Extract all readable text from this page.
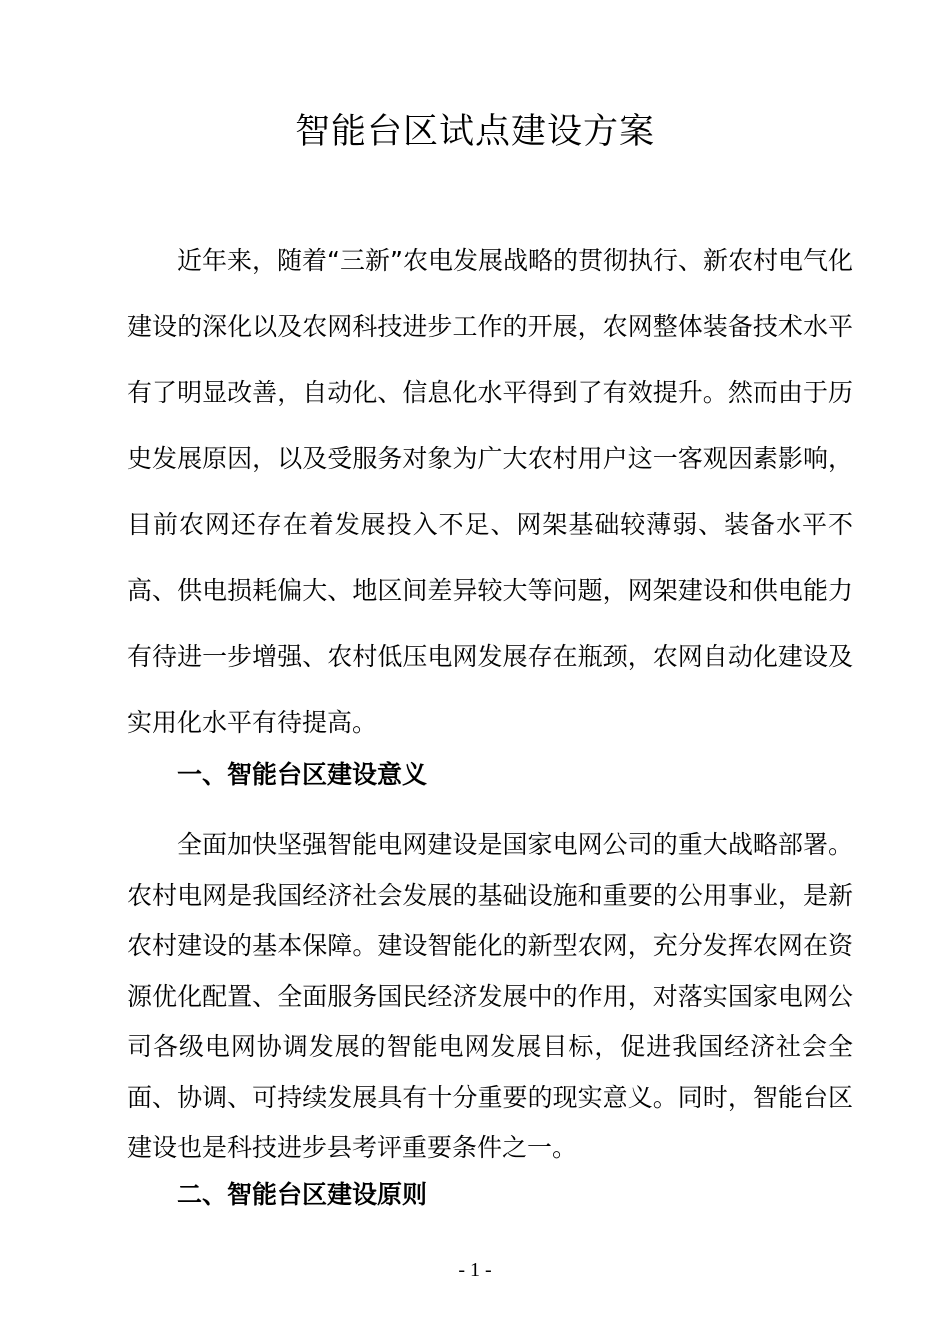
智能台区试点建设方案

近年来，随着“三新”农电发展战略的贯彻执行、新农村电气化建设的深化以及农网科技进步工作的开展，农网整体装备技术水平有了明显改善，自动化、信息化水平得到了有效提升。然而由于历史发展原因，以及受服务对象为广大农村用户这一客观因素影响，目前农网还存在着发展投入不足、网架基础较薄弱、装备水平不高、供电损耗偏大、地区间差异较大等问题，网架建设和供电能力有待进一步增强、农村低压电网发展存在瓶颈，农网自动化建设及实用化水平有待提高。

一、智能台区建设意义

全面加快坚强智能电网建设是国家电网公司的重大战略部署。农村电网是我国经济社会发展的基础设施和重要的公用事业，是新农村建设的基本保障。建设智能化的新型农网，充分发挥农网在资源优化配置、全面服务国民经济发展中的作用，对落实国家电网公司各级电网协调发展的智能电网发展目标，促进我国经济社会全面、协调、可持续发展具有十分重要的现实意义。同时，智能台区建设也是科技进步县考评重要条件之一。

二、智能台区建设原则
- 1 -
